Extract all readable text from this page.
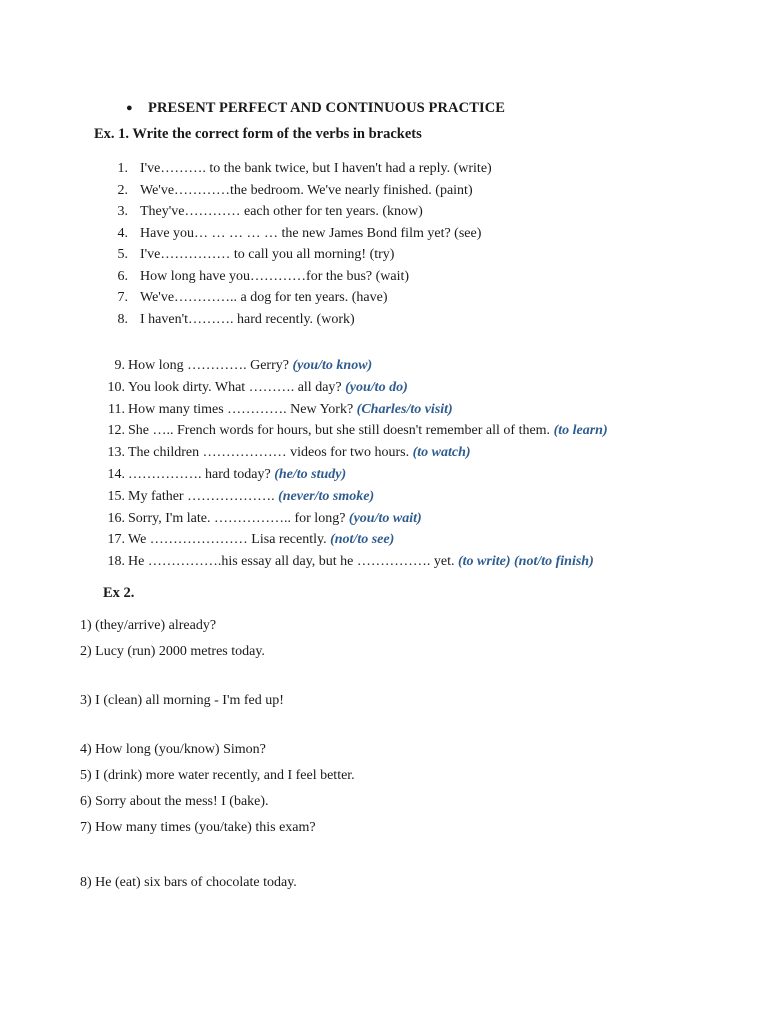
● PRESENT PERFECT AND CONTINUOUS PRACTICE
Ex. 1. Write the correct form of the verbs in brackets
1. I've………. to the bank twice, but I haven't had a reply. (write)
2. We've…………the bedroom. We've nearly finished. (paint)
3. They've………… each other for ten years. (know)
4. Have you… … … … … the new James Bond film yet? (see)
5. I've…………… to call you all morning! (try)
6. How long have you…………for the bus? (wait)
7. We've………….. a dog for ten years. (have)
8. I haven't………. hard recently. (work)
9. How long …………. Gerry? (you/to know)
10. You look dirty. What ………. all day? (you/to do)
11. How many times …………. New York? (Charles/to visit)
12. She ….. French words for hours, but she still doesn't remember all of them. (to learn)
13. The children ……………… videos for two hours. (to watch)
14. ……………. hard today? (he/to study)
15. My father ………………. (never/to smoke)
16. Sorry, I'm late. …………….. for long? (you/to wait)
17. We ………………… Lisa recently. (not/to see)
18. He …………….his essay all day, but he ……………. yet. (to write) (not/to finish)
Ex 2.
1) (they/arrive) already?
2) Lucy (run) 2000 metres today.
3) I (clean) all morning - I'm fed up!
4) How long (you/know) Simon?
5) I (drink) more water recently, and I feel better.
6) Sorry about the mess! I (bake).
7) How many times (you/take) this exam?
8) He (eat) six bars of chocolate today.
